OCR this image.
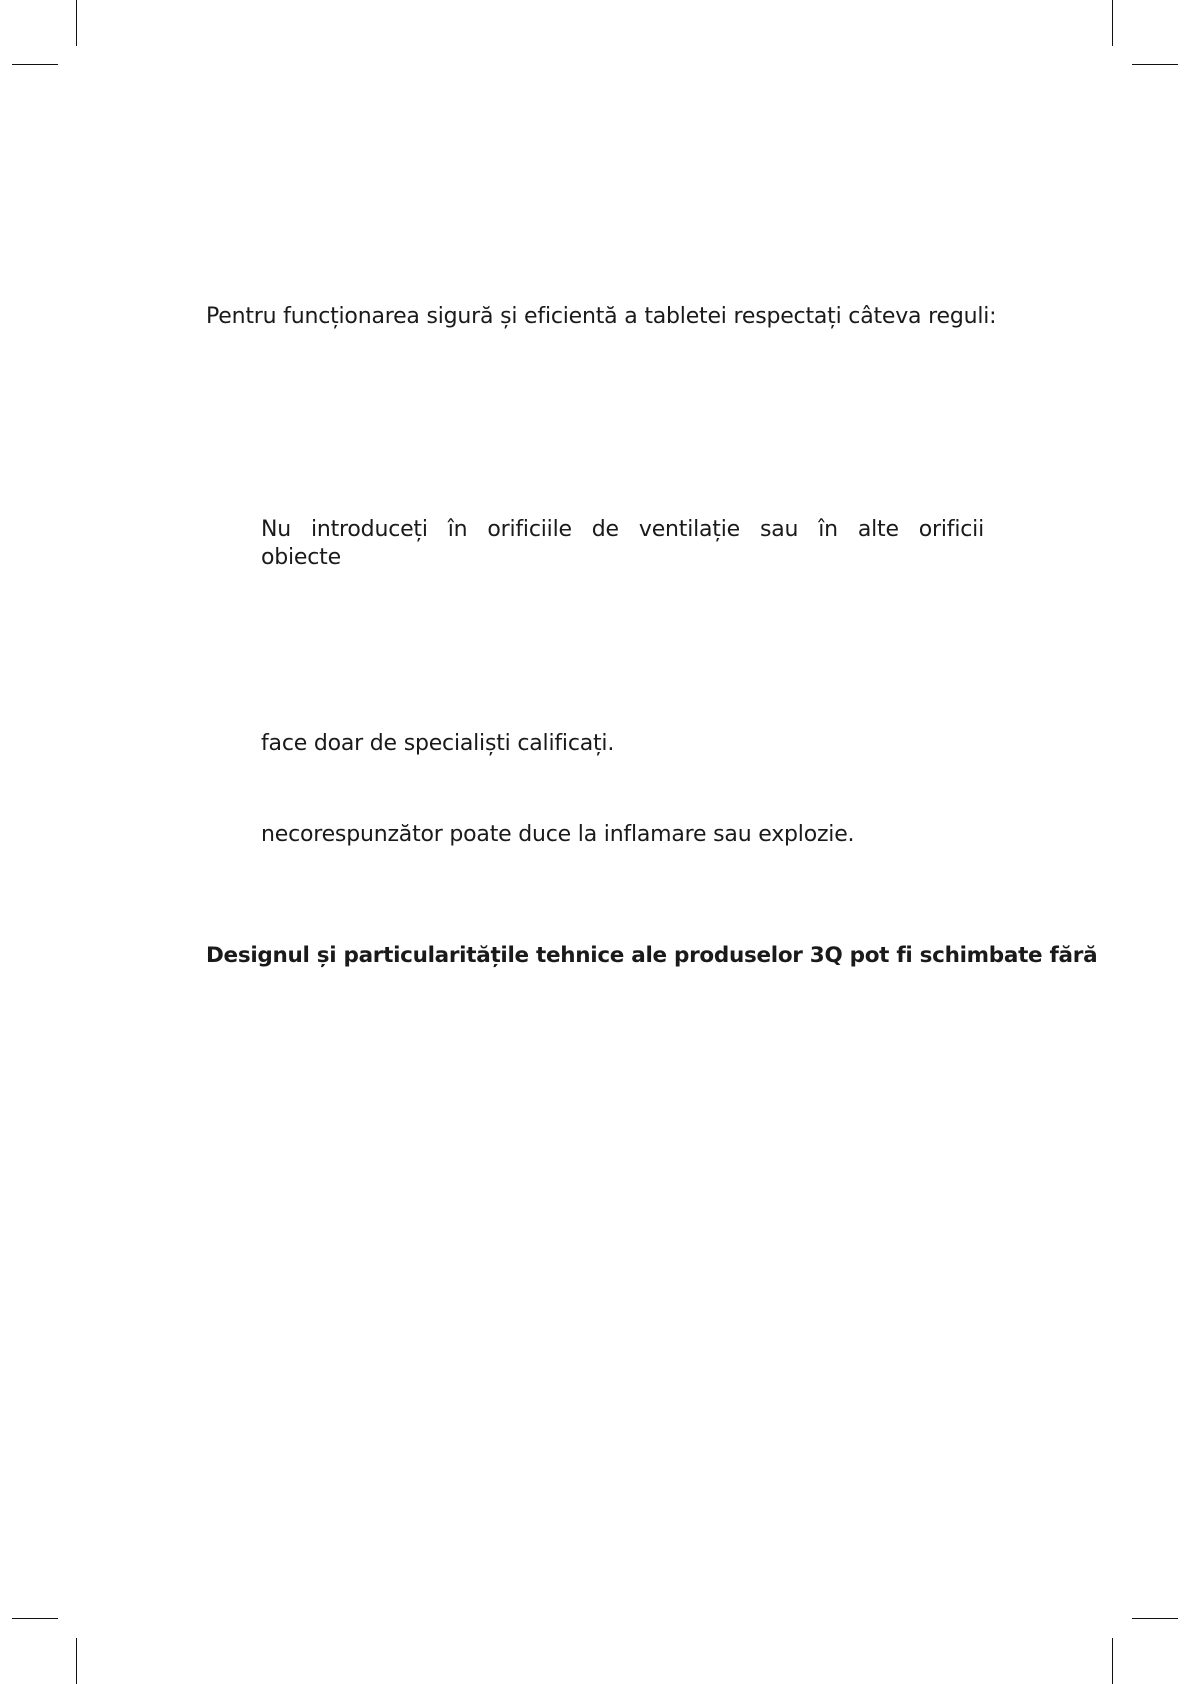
Pentru funcționarea sigură și eficientă a tabletei respectați câteva reguli:
Nu introduceți în orificiile de ventilație sau în alte orificii obiecte
face doar de specialiști calificați.
necorespunzător poate duce la inflamare sau explozie.
Designul și particularitățile tehnice ale produselor 3Q pot fi schimbate fără
